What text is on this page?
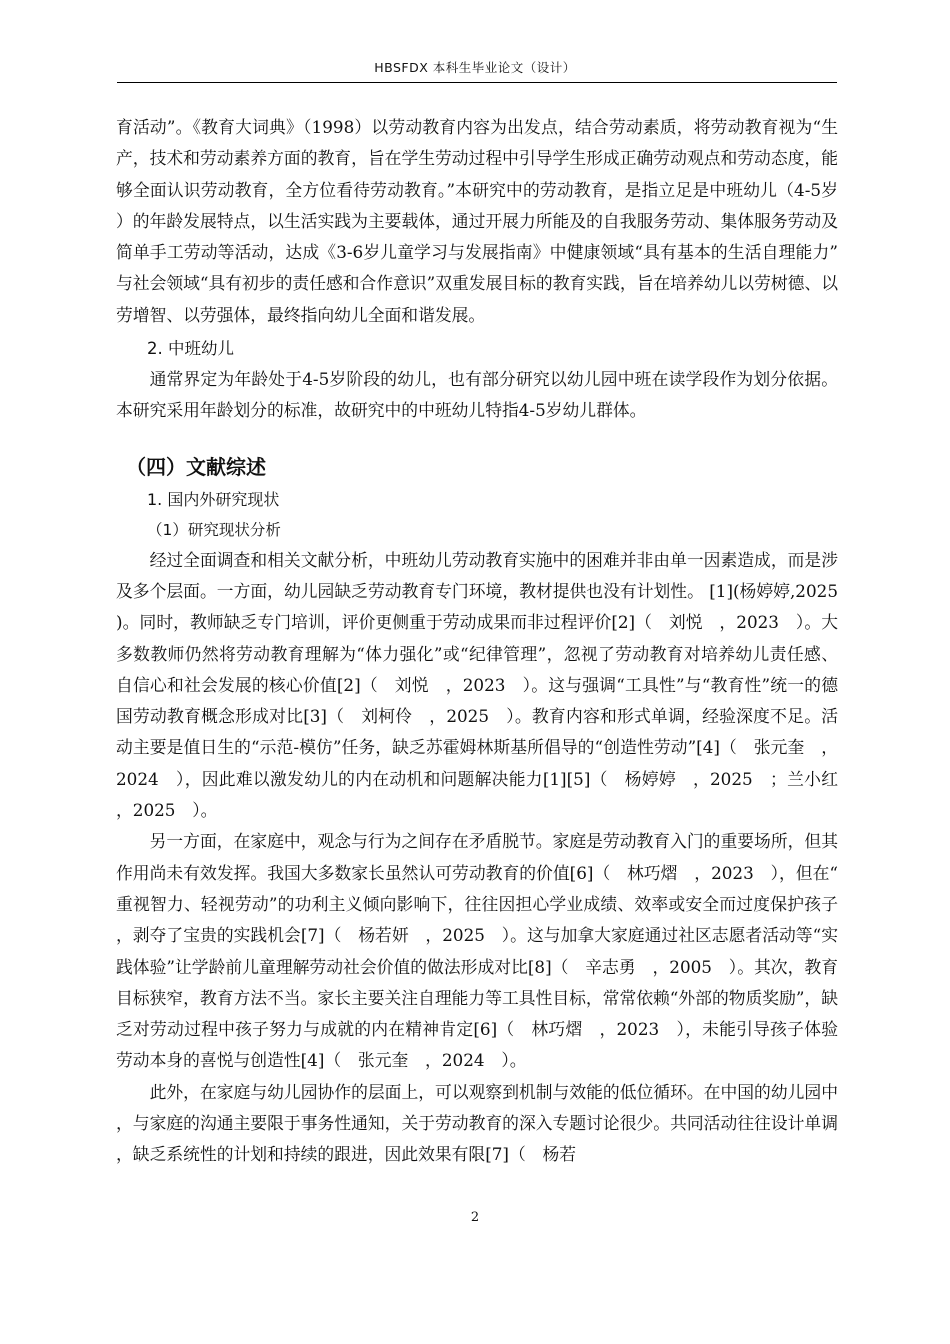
HBSFDX 本科生毕业论文（设计）

育活动”。《教育大词典》（1998）以劳动教育内容为出发点，结合劳动素质，将劳动教育视为“生产，技术和劳动素养方面的教育，旨在学生劳动过程中引导学生形成正确劳动观点和劳动态度，能够全面认识劳动教育，全方位看待劳动教育。”本研究中的劳动教育，是指立足是中班幼儿（4-5岁）的年龄发展特点，以生活实践为主要载体，通过开展力所能及的自我服务劳动、集体服务劳动及简单手工劳动等活动，达成《3-6岁儿童学习与发展指南》中健康领域“具有基本的生活自理能力”与社会领域“具有初步的责任感和合作意识”双重发展目标的教育实践，旨在培养幼儿以劳树德、以劳增智、以劳强体，最终指向幼儿全面和谐发展。

2. 中班幼儿

通常界定为年龄处于4-5岁阶段的幼儿，也有部分研究以幼儿园中班在读学段作为划分依据。本研究采用年龄划分的标准，故研究中的中班幼儿特指4-5岁幼儿群体。

（四）文献综述
1. 国内外研究现状
（1）研究现状分析

经过全面调查和相关文献分析，中班幼儿劳动教育实施中的困难并非由单一因素造成，而是涉及多个层面。一方面，幼儿园缺乏劳动教育专门环境，教材提供也没有计划性。 [1](杨婷婷,2025 )。同时，教师缺乏专门培训，评价更侧重于劳动成果而非过程评价[2]（　刘悦　，2023　）。大多数教师仍然将劳动教育理解为“体力强化”或“纪律管理”，忽视了劳动教育对培养幼儿责任感、自信心和社会发展的核心价值[2]（　刘悦　，2023　）。这与强调“工具性”与“教育性”统一的德国劳动教育概念形成对比[3]（　刘柯伶　，2025　）。教育内容和形式单调，经验深度不足。活动主要是值日生的“示范-模仿”任务，缺乏苏霍姆林斯基所倡导的“创造性劳动”[4]（　张元奎　，2024　），因此难以激发幼儿的内在动机和问题解决能力[1][5]（　杨婷婷　，2025　；兰小红　，2025　）。

另一方面，在家庭中，观念与行为之间存在矛盾脱节。家庭是劳动教育入门的重要场所，但其作用尚未有效发挥。我国大多数家长虽然认可劳动教育的价值[6]（　林巧熠　，2023　），但在“重视智力、轻视劳动”的功利主义倾向影响下，往往因担心学业成绩、效率或安全而过度保护孩子，剥夺了宝贵的实践机会[7]（　杨若妍　，2025　）。这与加拿大家庭通过社区志愿者活动等“实践体验”让学龄前儿童理解劳动社会价值的做法形成对比[8]（　辛志勇　，2005　）。其次，教育目标狭窄，教育方法不当。家长主要关注自理能力等工具性目标，常常依赖“外部的物质奖励”，缺乏对劳动过程中孩子努力与成就的内在精神肯定[6]（　林巧熠　，2023　），未能引导孩子体验劳动本身的喜悦与创造性[4]（　张元奎　，2024　）。

此外，在家庭与幼儿园协作的层面上，可以观察到机制与效能的低位循环。在中国的幼儿园中，与家庭的沟通主要限于事务性通知，关于劳动教育的深入专题讨论很少。共同活动往往设计单调，缺乏系统性的计划和持续的跟进，因此效果有限[7]（　杨若

2
